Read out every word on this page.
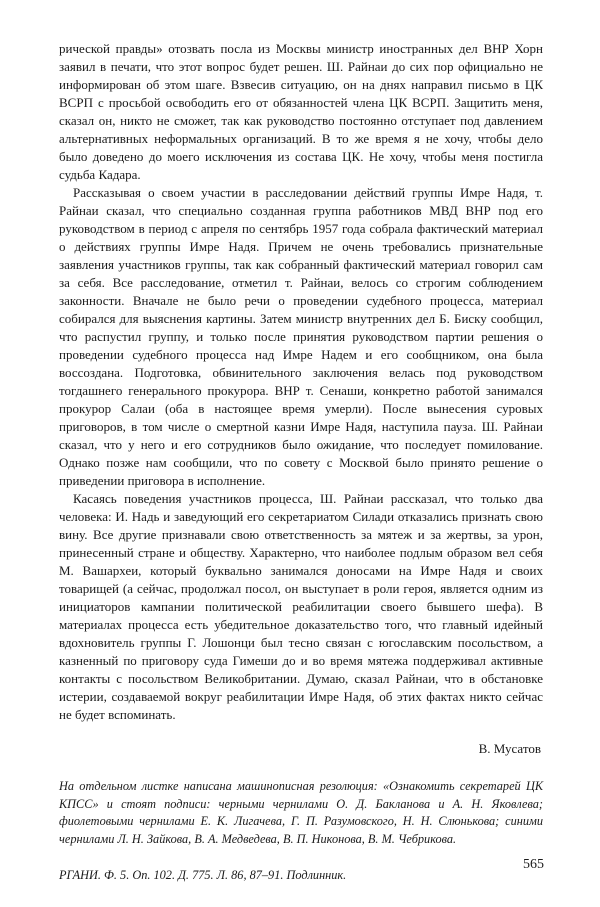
рической правды» отозвать посла из Москвы министр иностранных дел ВНР Хорн заявил в печати, что этот вопрос будет решен. Ш. Райнаи до сих пор официально не информирован об этом шаге. Взвесив ситуацию, он на днях направил письмо в ЦК ВСРП с просьбой освободить его от обязанностей члена ЦК ВСРП. Защитить меня, сказал он, никто не сможет, так как руководство постоянно отступает под давлением альтернативных неформальных организаций. В то же время я не хочу, чтобы дело было доведено до моего исключения из состава ЦК. Не хочу, чтобы меня постигла судьба Кадара.

Рассказывая о своем участии в расследовании действий группы Имре Надя, т. Райнаи сказал, что специально созданная группа работников МВД ВНР под его руководством в период с апреля по сентябрь 1957 года собрала фактический материал о действиях группы Имре Надя. Причем не очень требовались признательные заявления участников группы, так как собранный фактический материал говорил сам за себя. Все расследование, отметил т. Райнаи, велось со строгим соблюдением законности. Вначале не было речи о проведении судебного процесса, материал собирался для выяснения картины. Затем министр внутренних дел Б. Биску сообщил, что распустил группу, и только после принятия руководством партии решения о проведении судебного процесса над Имре Надем и его сообщником, она была воссоздана. Подготовка, обвинительного заключения велась под руководством тогдашнего генерального прокурора. ВНР т. Сенаши, конкретно работой занимался прокурор Салаи (оба в настоящее время умерли). После вынесения суровых приговоров, в том числе о смертной казни Имре Надя, наступила пауза. Ш. Райнаи сказал, что у него и его сотрудников было ожидание, что последует помилование. Однако позже нам сообщили, что по совету с Москвой было принято решение о приведении приговора в исполнение.

Касаясь поведения участников процесса, Ш. Райнаи рассказал, что только два человека: И. Надь и заведующий его секретариатом Силади отказались признать свою вину. Все другие признавали свою ответственность за мятеж и за жертвы, за урон, принесенный стране и обществу. Характерно, что наиболее подлым образом вел себя М. Вашархеи, который буквально занимался доносами на Имре Надя и своих товарищей (а сейчас, продолжал посол, он выступает в роли героя, является одним из инициаторов кампании политической реабилитации своего бывшего шефа). В материалах процесса есть убедительное доказательство того, что главный идейный вдохновитель группы Г. Лошонци был тесно связан с югославским посольством, а казненный по приговору суда Гимеши до и во время мятежа поддерживал активные контакты с посольством Великобритании. Думаю, сказал Райнаи, что в обстановке истерии, создаваемой вокруг реабилитации Имре Надя, об этих фактах никто сейчас не будет вспоминать.

В. Мусатов

На отдельном листке написана машинописная резолюция: «Ознакомить секретарей ЦК КПСС» и стоят подписи: черными чернилами О. Д. Бакланова и А. Н. Яковлева; фиолетовыми чернилами Е. К. Лигачева, Г. П. Разумовского, Н. Н. Слюнькова; синими чернилами Л. Н. Зайкова, В. А. Медведева, В. П. Никонова, В. М. Чебрикова.

РГАНИ. Ф. 5. Оп. 102. Д. 775. Л. 86, 87–91. Подлинник.

565
